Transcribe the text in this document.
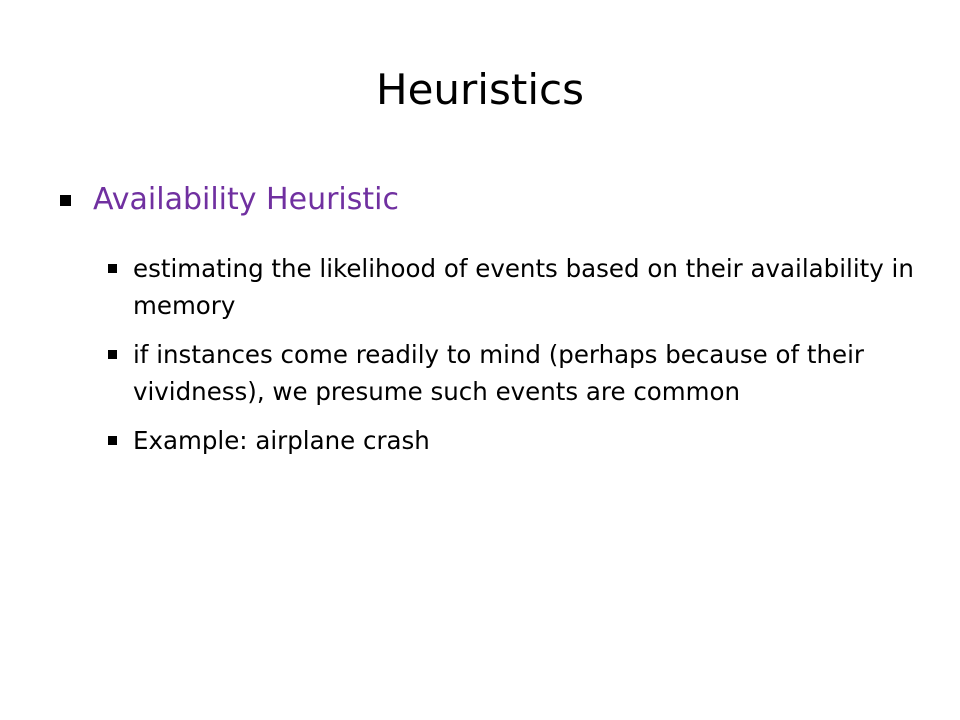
Heuristics
Availability Heuristic
estimating the likelihood of events based on their availability in memory
if instances come readily to mind (perhaps because of their vividness), we presume such events are common
Example: airplane crash
